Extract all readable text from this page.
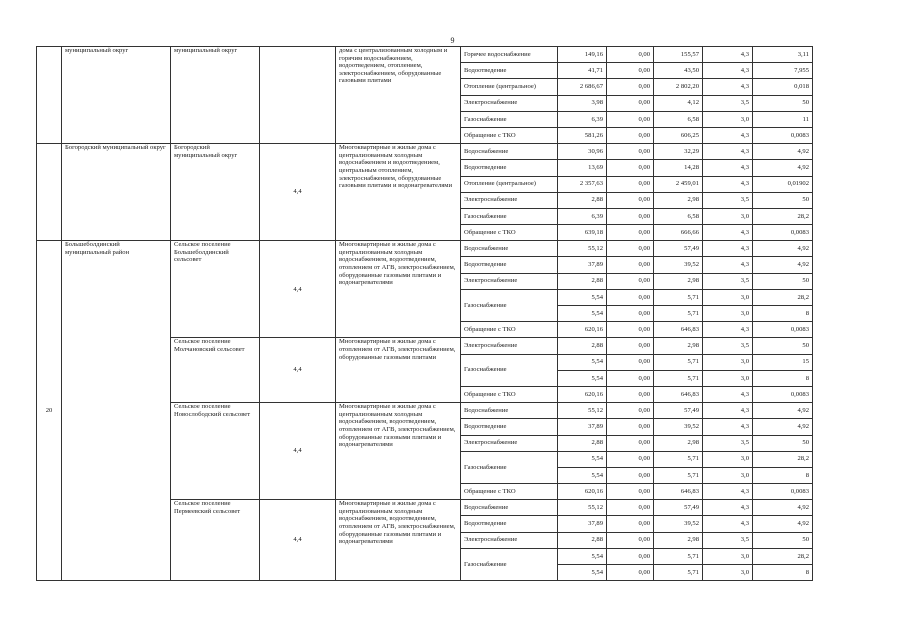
9
	муниципальный округ	муниципальный округ		дома с централизованным холодным и горячим водоснабжением, водоотведением, отоплением, электроснабжением, оборудованные газовыми плитами	Горячее водоснабжение	149,16	0,00	155,57	4,3	3,11
					Водоотведение	41,71	0,00	43,50	4,3	7,955
					Отопление (центральное)	2 686,67	0,00	2 802,20	4,3	0,018
					Электроснабжение	3,98	0,00	4,12	3,5	50
					Газоснабжение	6,39	0,00	6,58	3,0	11
					Обращение с ТКО	581,26	0,00	606,25	4,3	0,0083
	Богородский муниципальный округ	Богородский муниципальный округ	4,4	Многоквартирные и жилые дома с централизованным холодным водоснабжением и водоотведением, центральным отоплением, электроснабжением, оборудованные газовыми плитами и водонагревателями	Водоснабжение	30,96	0,00	32,29	4,3	4,92
					Водоотведение	13,69	0,00	14,28	4,3	4,92
					Отопление (центральное)	2 357,63	0,00	2 459,01	4,3	0,01902
					Электроснабжение	2,88	0,00	2,98	3,5	50
					Газоснабжение	6,39	0,00	6,58	3,0	28,2
					Обращение с ТКО	639,18	0,00	666,66	4,3	0,0083
20	Большеболдинский муниципальный район	Сельское поселение Большеболдинский сельсовет	4,4	Многоквартирные и жилые дома с централизованным холодным водоснабжением, водоотведением, отоплением от АГВ, электроснабжением, оборудованные газовыми плитами и водонагревателями	Водоснабжение	55,12	0,00	57,49	4,3	4,92
					Водоотведение	37,89	0,00	39,52	4,3	4,92
					Электроснабжение	2,88	0,00	2,98	3,5	50
					Газоснабжение	5,54	0,00	5,71	3,0	28,2
						5,54	0,00	5,71	3,0	8
					Обращение с ТКО	620,16	0,00	646,83	4,3	0,0083
		Сельское поселение Молчановский сельсовет	4,4	Многоквартирные и жилые дома с отоплением от АГВ, электроснабжением, оборудованные газовыми плитами	Электроснабжение	2,88	0,00	2,98	3,5	50
					Газоснабжение	5,54	0,00	5,71	3,0	15
						5,54	0,00	5,71	3,0	8
					Обращение с ТКО	620,16	0,00	646,83	4,3	0,0083
		Сельское поселение Новослободский сельсовет	4,4	Многоквартирные и жилые дома с централизованным холодным водоснабжением, водоотведением, отоплением от АГВ, электроснабжением, оборудованные газовыми плитами и водонагревателями	Водоснабжение	55,12	0,00	57,49	4,3	4,92
					Водоотведение	37,89	0,00	39,52	4,3	4,92
					Электроснабжение	2,88	0,00	2,98	3,5	50
					Газоснабжение	5,54	0,00	5,71	3,0	28,2
						5,54	0,00	5,71	3,0	8
					Обращение с ТКО	620,16	0,00	646,83	4,3	0,0083
		Сельское поселение Пермеевский сельсовет	4,4	Многоквартирные и жилые дома с централизованным холодным водоснабжением, водоотведением, отоплением от АГВ, электроснабжением, оборудованные газовыми плитами и водонагревателями	Водоснабжение	55,12	0,00	57,49	4,3	4,92
					Водоотведение	37,89	0,00	39,52	4,3	4,92
					Электроснабжение	2,88	0,00	2,98	3,5	50
					Газоснабжение	5,54	0,00	5,71	3,0	28,2
						5,54	0,00	5,71	3,0	8
